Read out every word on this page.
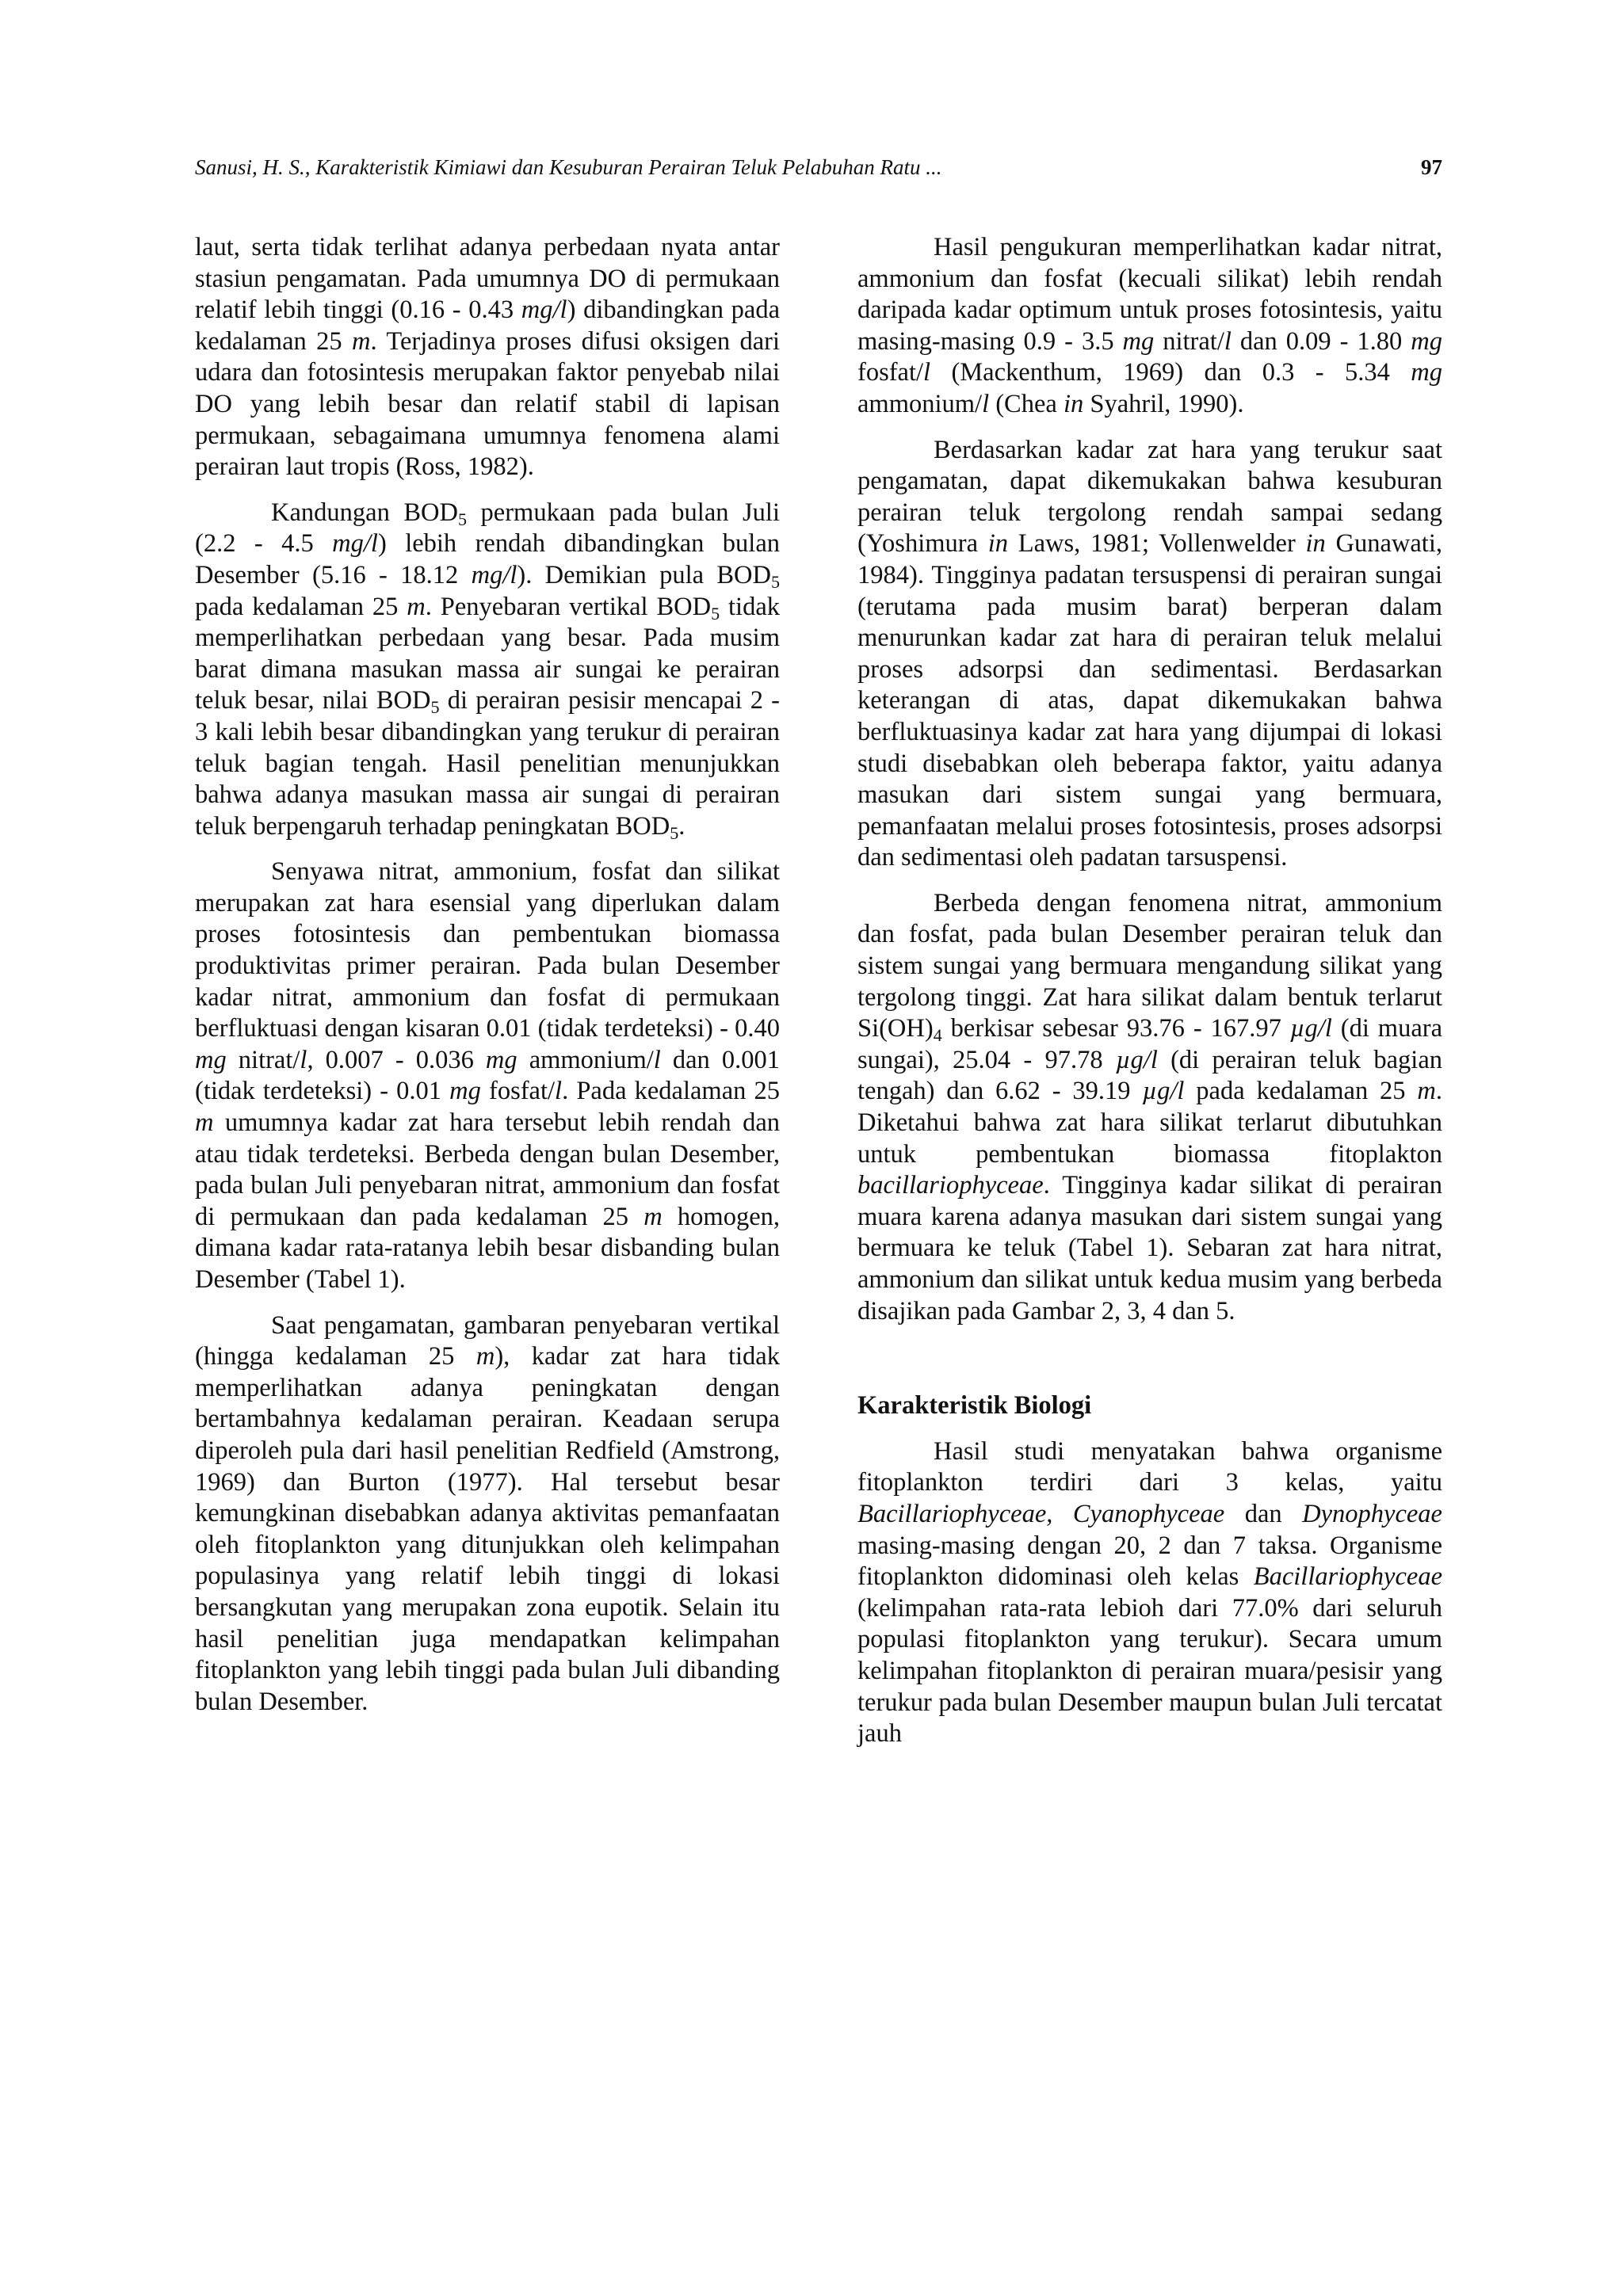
Sanusi, H. S., Karakteristik Kimiawi dan Kesuburan Perairan Teluk Pelabuhan Ratu ...	97

laut, serta tidak terlihat adanya perbedaan nyata antar stasiun pengamatan. Pada umumnya DO di permukaan relatif lebih tinggi (0.16 - 0.43 mg/l) dibandingkan pada kedalaman 25 m. Terjadinya proses difusi oksigen dari udara dan fotosintesis merupakan faktor penyebab nilai DO yang lebih besar dan relatif stabil di lapisan permukaan, sebagaimana umumnya fenomena alami perairan laut tropis (Ross, 1982).

Kandungan $BOD_5$ permukaan pada bulan Juli (2.2 - 4.5 mg/l) lebih rendah dibandingkan bulan Desember (5.16 - 18.12 mg/l). Demikian pula $BOD_5$ pada kedalaman 25 m. Penyebaran vertikal $BOD_5$ tidak memperlihatkan perbedaan yang besar. Pada musim barat dimana masukan massa air sungai ke perairan teluk besar, nilai $BOD_5$ di perairan pesisir mencapai 2 - 3 kali lebih besar dibandingkan yang terukur di perairan teluk bagian tengah. Hasil penelitian menunjukkan bahwa adanya masukan massa air sungai di perairan teluk berpengaruh terhadap peningkatan $BOD_5$.

Senyawa nitrat, ammonium, fosfat dan silikat merupakan zat hara esensial yang diperlukan dalam proses fotosintesis dan pembentukan biomassa produktivitas primer perairan. Pada bulan Desember kadar nitrat, ammonium dan fosfat di permukaan berfluktuasi dengan kisaran 0.01 (tidak terdeteksi) - 0.40 mg nitrat/l, 0.007 - 0.036 mg ammonium/l dan 0.001 (tidak terdeteksi) - 0.01 mg fosfat/l. Pada kedalaman 25 m umumnya kadar zat hara tersebut lebih rendah dan atau tidak terdeteksi. Berbeda dengan bulan Desember, pada bulan Juli penyebaran nitrat, ammonium dan fosfat di permukaan dan pada kedalaman 25 m homogen, dimana kadar rata-ratanya lebih besar disbanding bulan Desember (Tabel 1).

Saat pengamatan, gambaran penyebaran vertikal (hingga kedalaman 25 m), kadar zat hara tidak memperlihatkan adanya peningkatan dengan bertambahnya kedalaman perairan. Keadaan serupa diperoleh pula dari hasil penelitian Redfield (Amstrong, 1969) dan Burton (1977). Hal tersebut besar kemungkinan disebabkan adanya aktivitas pemanfaatan oleh fitoplankton yang ditunjukkan oleh kelimpahan populasinya yang relatif lebih tinggi di lokasi bersangkutan yang merupakan zona eupotik. Selain itu hasil penelitian juga mendapatkan kelimpahan fitoplankton yang lebih tinggi pada bulan Juli dibanding bulan Desember.

Hasil pengukuran memperlihatkan kadar nitrat, ammonium dan fosfat (kecuali silikat) lebih rendah daripada kadar optimum untuk proses fotosintesis, yaitu masing-masing 0.9 - 3.5 mg nitrat/l dan 0.09 - 1.80 mg fosfat/l (Mackenthum, 1969) dan 0.3 - 5.34 mg ammonium/l (Chea in Syahril, 1990).

Berdasarkan kadar zat hara yang terukur saat pengamatan, dapat dikemukakan bahwa kesuburan perairan teluk tergolong rendah sampai sedang (Yoshimura in Laws, 1981; Vollenwelder in Gunawati, 1984). Tingginya padatan tersuspensi di perairan sungai (terutama pada musim barat) berperan dalam menurunkan kadar zat hara di perairan teluk melalui proses adsorpsi dan sedimentasi. Berdasarkan keterangan di atas, dapat dikemukakan bahwa berfluktuasinya kadar zat hara yang dijumpai di lokasi studi disebabkan oleh beberapa faktor, yaitu adanya masukan dari sistem sungai yang bermuara, pemanfaatan melalui proses fotosintesis, proses adsorpsi dan sedimentasi oleh padatan tarsuspensi.

Berbeda dengan fenomena nitrat, ammonium dan fosfat, pada bulan Desember perairan teluk dan sistem sungai yang bermuara mengandung silikat yang tergolong tinggi. Zat hara silikat dalam bentuk terlarut $Si(OH)_4$ berkisar sebesar 93.76 - 167.97 µg/l (di muara sungai), 25.04 - 97.78 µg/l (di perairan teluk bagian tengah) dan 6.62 - 39.19 µg/l pada kedalaman 25 m. Diketahui bahwa zat hara silikat terlarut dibutuhkan untuk pembentukan biomassa fitoplakton bacillariophyceae. Tingginya kadar silikat di perairan muara karena adanya masukan dari sistem sungai yang bermuara ke teluk (Tabel 1). Sebaran zat hara nitrat, ammonium dan silikat untuk kedua musim yang berbeda disajikan pada Gambar 2, 3, 4 dan 5.

Karakteristik Biologi

Hasil studi menyatakan bahwa organisme fitoplankton terdiri dari 3 kelas, yaitu Bacillariophyceae, Cyanophyceae dan Dynophyceae masing-masing dengan 20, 2 dan 7 taksa. Organisme fitoplankton didominasi oleh kelas Bacillariophyceae (kelimpahan rata-rata lebioh dari 77.0% dari seluruh populasi fitoplankton yang terukur). Secara umum kelimpahan fitoplankton di perairan muara/pesisir yang terukur pada bulan Desember maupun bulan Juli tercatat jauh
